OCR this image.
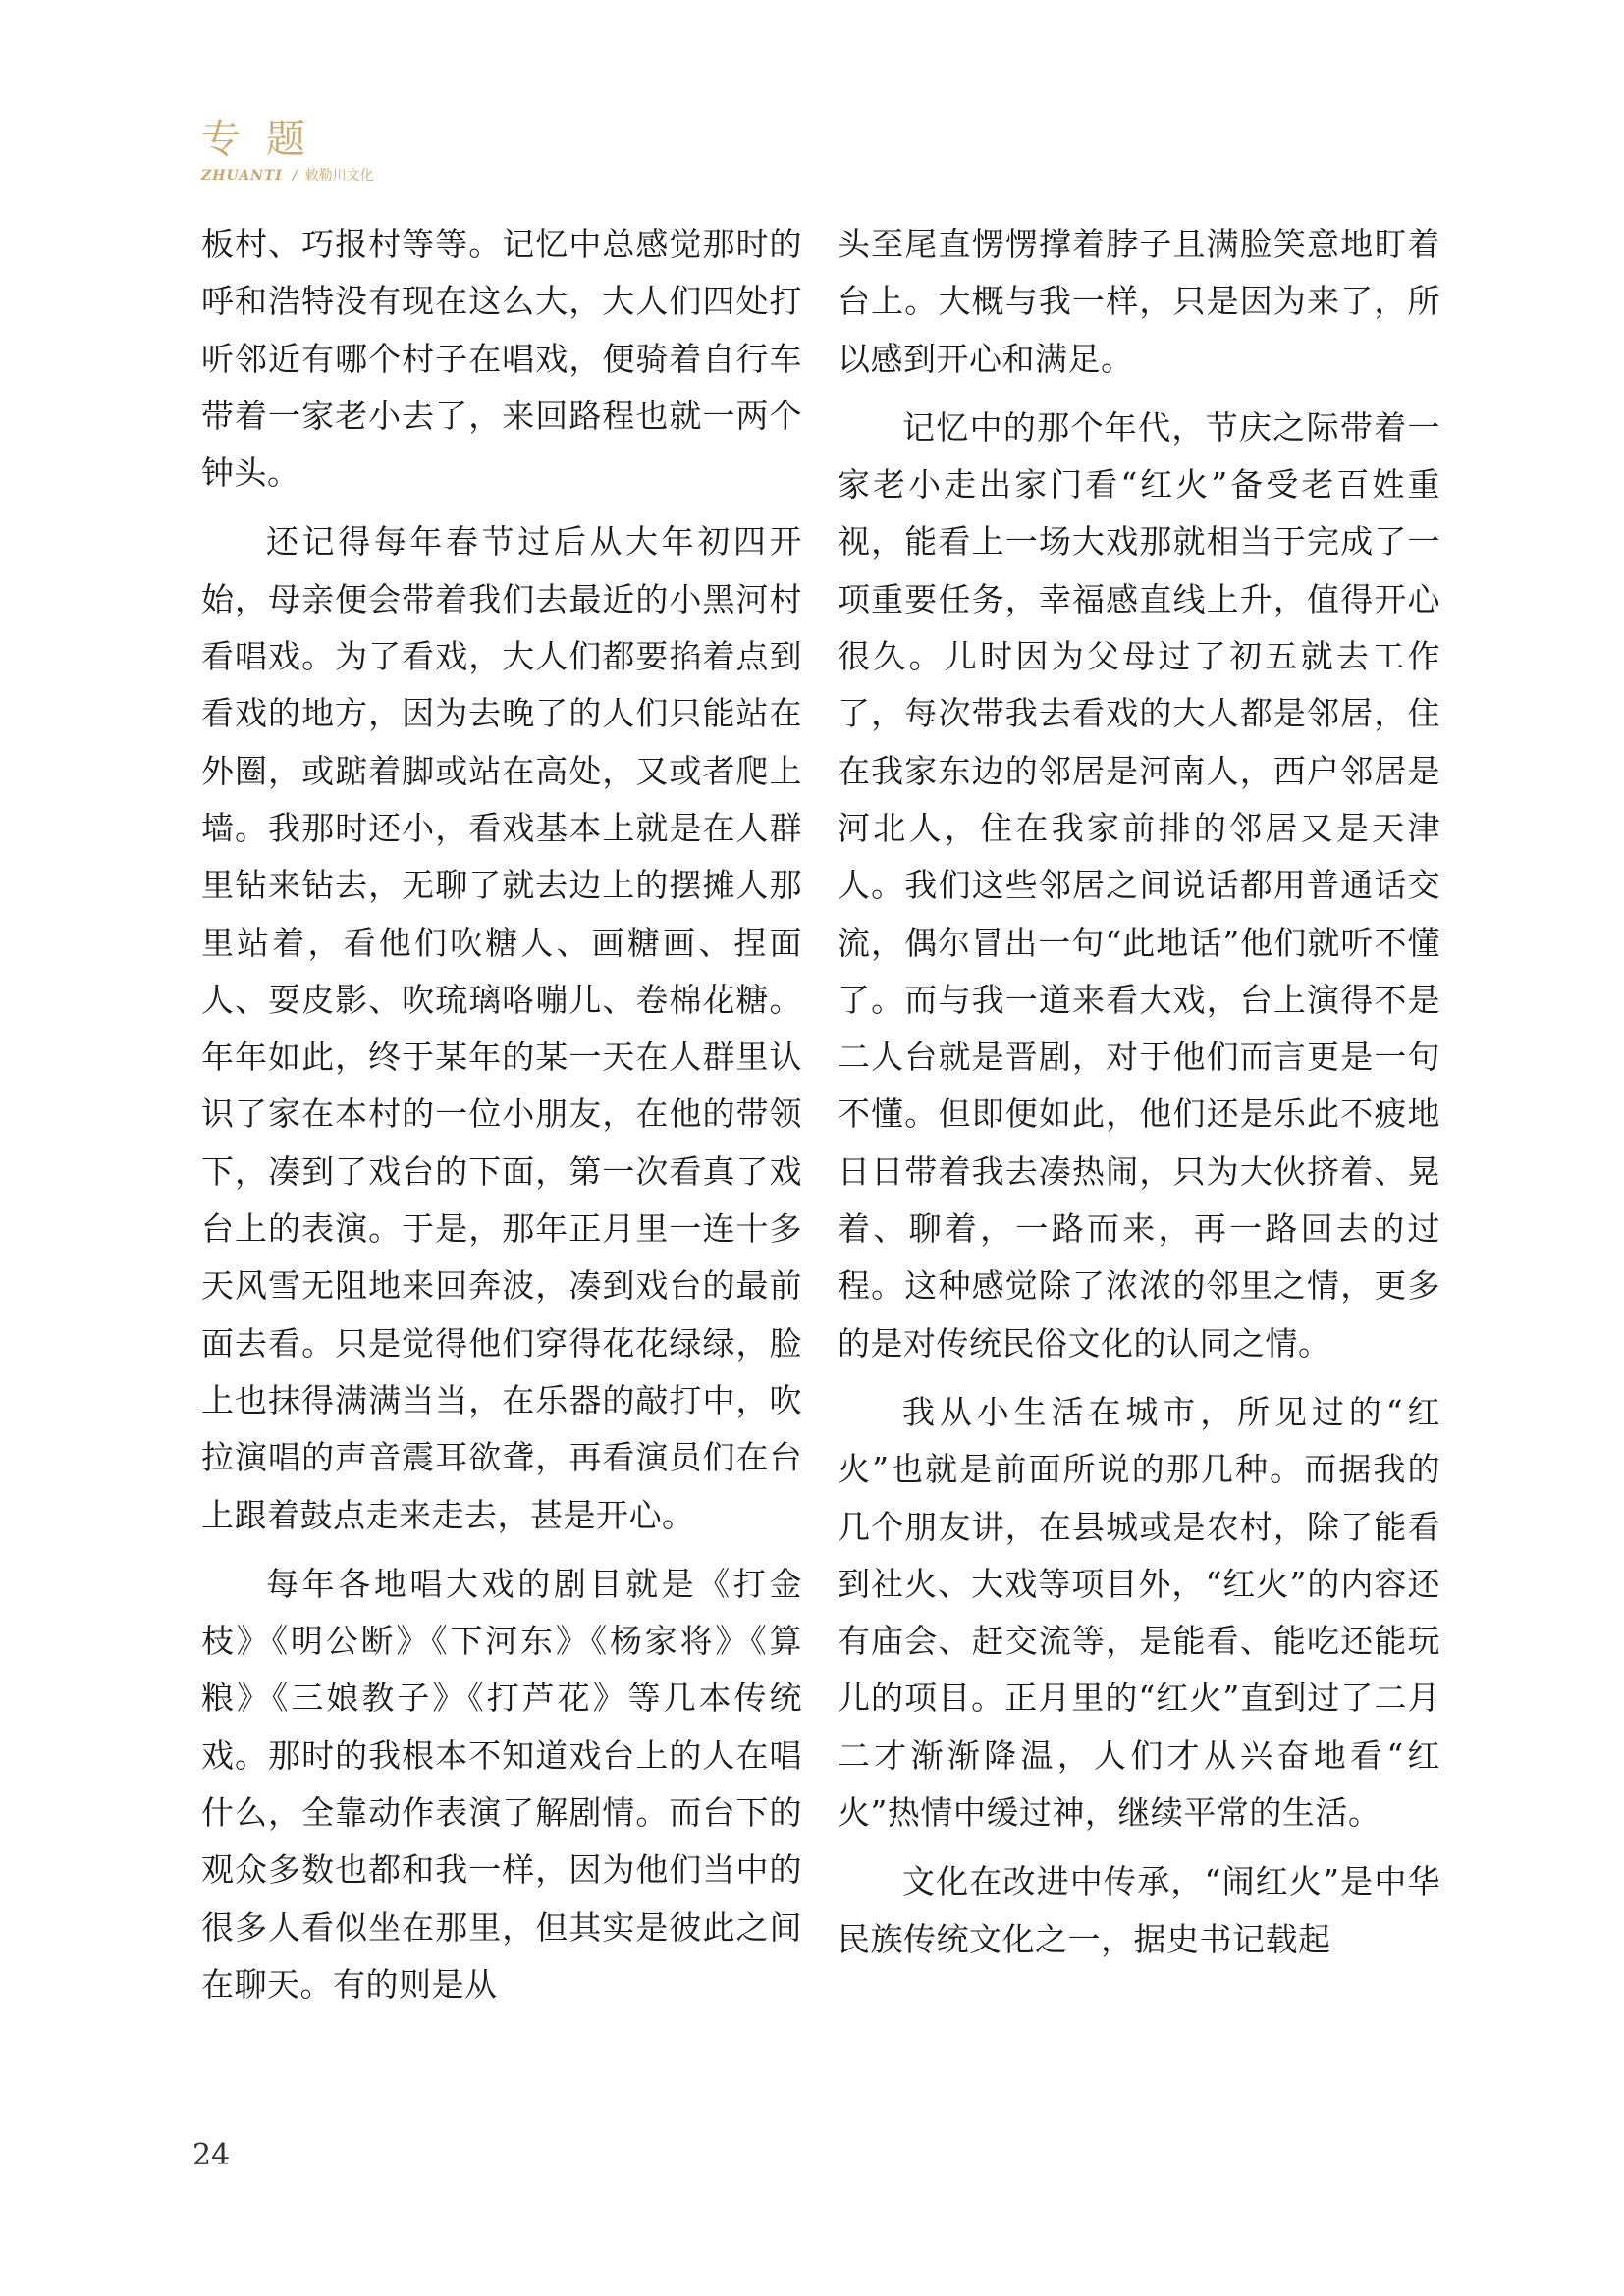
专题
ZHUANTI / 敕勒川文化

板村、巧报村等等。记忆中总感觉那时的呼和浩特没有现在这么大，大人们四处打听邻近有哪个村子在唱戏，便骑着自行车带着一家老小去了，来回路程也就一两个钟头。

还记得每年春节过后从大年初四开始，母亲便会带着我们去最近的小黑河村看唱戏。为了看戏，大人们都要掐着点到看戏的地方，因为去晚了的人们只能站在外圈，或踮着脚或站在高处，又或者爬上墙。我那时还小，看戏基本上就是在人群里钻来钻去，无聊了就去边上的摆摊人那里站着，看他们吹糖人、画糖画、捏面人、耍皮影、吹琉璃咯嘣儿、卷棉花糖。年年如此，终于某年的某一天在人群里认识了家在本村的一位小朋友，在他的带领下，凑到了戏台的下面，第一次看真了戏台上的表演。于是，那年正月里一连十多天风雪无阻地来回奔波，凑到戏台的最前面去看。只是觉得他们穿得花花绿绿，脸上也抹得满满当当，在乐器的敲打中，吹拉演唱的声音震耳欲聋，再看演员们在台上跟着鼓点走来走去，甚是开心。

每年各地唱大戏的剧目就是《打金枝》《明公断》《下河东》《杨家将》《算粮》《三娘教子》《打芦花》等几本传统戏。那时的我根本不知道戏台上的人在唱什么，全靠动作表演了解剧情。而台下的观众多数也都和我一样，因为他们当中的很多人看似坐在那里，但其实是彼此之间在聊天。有的则是从

头至尾直愣愣撑着脖子且满脸笑意地盯着台上。大概与我一样，只是因为来了，所以感到开心和满足。

记忆中的那个年代，节庆之际带着一家老小走出家门看“红火”备受老百姓重视，能看上一场大戏那就相当于完成了一项重要任务，幸福感直线上升，值得开心很久。儿时因为父母过了初五就去工作了，每次带我去看戏的大人都是邻居，住在我家东边的邻居是河南人，西户邻居是河北人，住在我家前排的邻居又是天津人。我们这些邻居之间说话都用普通话交流，偶尔冒出一句“此地话”他们就听不懂了。而与我一道来看大戏，台上演得不是二人台就是晋剧，对于他们而言更是一句不懂。但即便如此，他们还是乐此不疲地日日带着我去凑热闹，只为大伙挤着、晃着、聊着，一路而来，再一路回去的过程。这种感觉除了浓浓的邻里之情，更多的是对传统民俗文化的认同之情。

我从小生活在城市，所见过的“红火”也就是前面所说的那几种。而据我的几个朋友讲，在县城或是农村，除了能看到社火、大戏等项目外，“红火”的内容还有庙会、赶交流等，是能看、能吃还能玩儿的项目。正月里的“红火”直到过了二月二才渐渐降温，人们才从兴奋地看“红火”热情中缓过神，继续平常的生活。

文化在改进中传承，“闹红火”是中华民族传统文化之一，据史书记载起

24
